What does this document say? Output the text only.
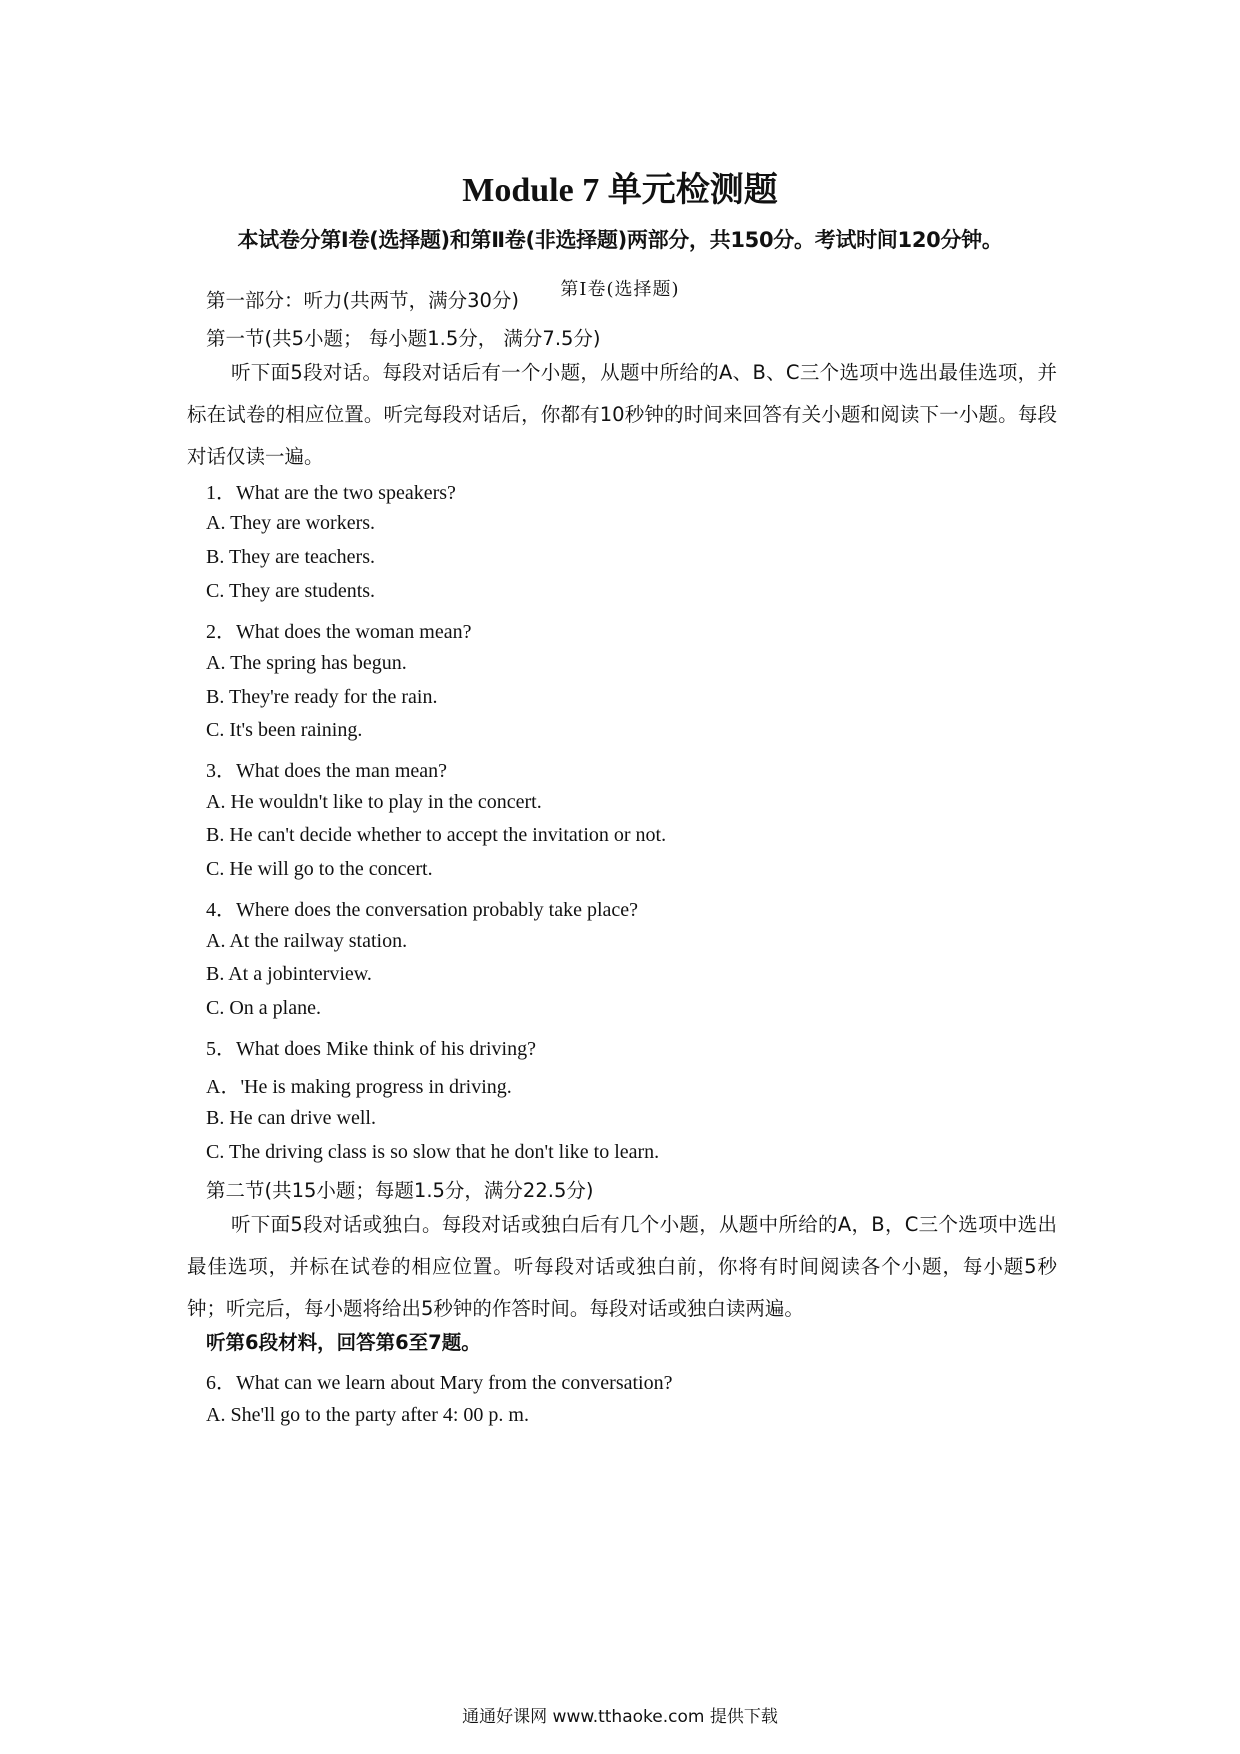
Module 7 单元检测题
本试卷分第Ⅰ卷(选择题)和第Ⅱ卷(非选择题)两部分，共150分。考试时间120分钟。
第Ⅰ卷(选择题)
第一部分：听力(共两节，满分30分)
第一节(共5小题； 每小题1.5分， 满分7.5分)
听下面5段对话。每段对话后有一个小题，从题中所给的A、B、C三个选项中选出最佳选项，并标在试卷的相应位置。听完每段对话后，你都有10秒钟的时间来回答有关小题和阅读下一小题。每段对话仅读一遍。
1．What are the two speakers?
A. They are workers.
B. They are teachers.
C. They are students.
2．What does the woman mean?
A. The spring has begun.
B. They're ready for the rain.
C. It's been raining.
3．What does the man mean?
A. He wouldn't like to play in the concert.
B. He can't decide whether to accept the invitation or not.
C. He will go to the concert.
4．Where does the conversation probably take place?
A. At the railway station.
B. At a jobinterview.
C. On a plane.
5．What does Mike think of his driving?
A．'He is making progress in driving.
B. He can drive well.
C. The driving class is so slow that he don't like to learn.
第二节(共15小题；每题1.5分，满分22.5分)
听下面5段对话或独白。每段对话或独白后有几个小题，从题中所给的A，B，C三个选项中选出最佳选项，并标在试卷的相应位置。听每段对话或独白前，你将有时间阅读各个小题，每小题5秒钟；听完后，每小题将给出5秒钟的作答时间。每段对话或独白读两遍。
听第6段材料，回答第6至7题。
6．What can we learn about Mary from the conversation?
A. She'll go to the party after 4: 00 p. m.
通通好课网 www.tthaoke.com 提供下载
